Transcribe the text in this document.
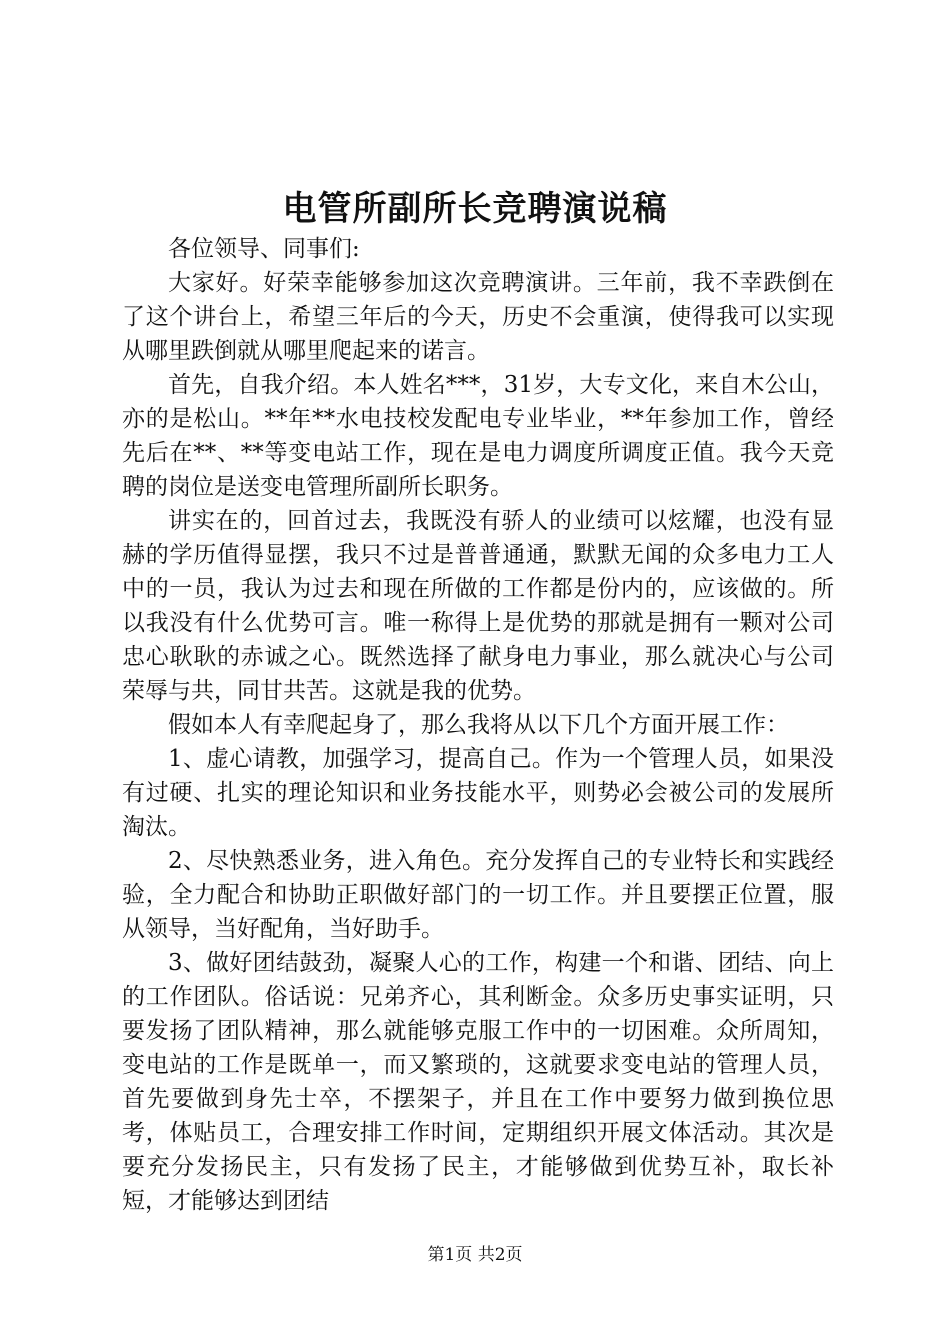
电管所副所长竞聘演说稿

各位领导、同事们:

大家好。好荣幸能够参加这次竞聘演讲。三年前，我不幸跌倒在了这个讲台上，希望三年后的今天，历史不会重演，使得我可以实现从哪里跌倒就从哪里爬起来的诺言。

首先，自我介绍。本人姓名***，31岁，大专文化，来自木公山，亦的是松山。**年**水电技校发配电专业毕业，**年参加工作，曾经先后在**、**等变电站工作，现在是电力调度所调度正值。我今天竞聘的岗位是送变电管理所副所长职务。

讲实在的，回首过去，我既没有骄人的业绩可以炫耀，也没有显赫的学历值得显摆，我只不过是普普通通，默默无闻的众多电力工人中的一员，我认为过去和现在所做的工作都是份内的，应该做的。所以我没有什么优势可言。唯一称得上是优势的那就是拥有一颗对公司忠心耿耿的赤诚之心。既然选择了献身电力事业，那么就决心与公司荣辱与共，同甘共苦。这就是我的优势。

假如本人有幸爬起身了，那么我将从以下几个方面开展工作：

1、虚心请教，加强学习，提高自己。作为一个管理人员，如果没有过硬、扎实的理论知识和业务技能水平，则势必会被公司的发展所淘汰。

2、尽快熟悉业务，进入角色。充分发挥自己的专业特长和实践经验，全力配合和协助正职做好部门的一切工作。并且要摆正位置，服从领导，当好配角，当好助手。

3、做好团结鼓劲，凝聚人心的工作，构建一个和谐、团结、向上的工作团队。俗话说：兄弟齐心，其利断金。众多历史事实证明，只要发扬了团队精神，那么就能够克服工作中的一切困难。众所周知，变电站的工作是既单一，而又繁琐的，这就要求变电站的管理人员，首先要做到身先士卒，不摆架子，并且在工作中要努力做到换位思考，体贴员工，合理安排工作时间，定期组织开展文体活动。其次是要充分发扬民主，只有发扬了民主，才能够做到优势互补，取长补短，才能够达到团结

第1页 共2页
